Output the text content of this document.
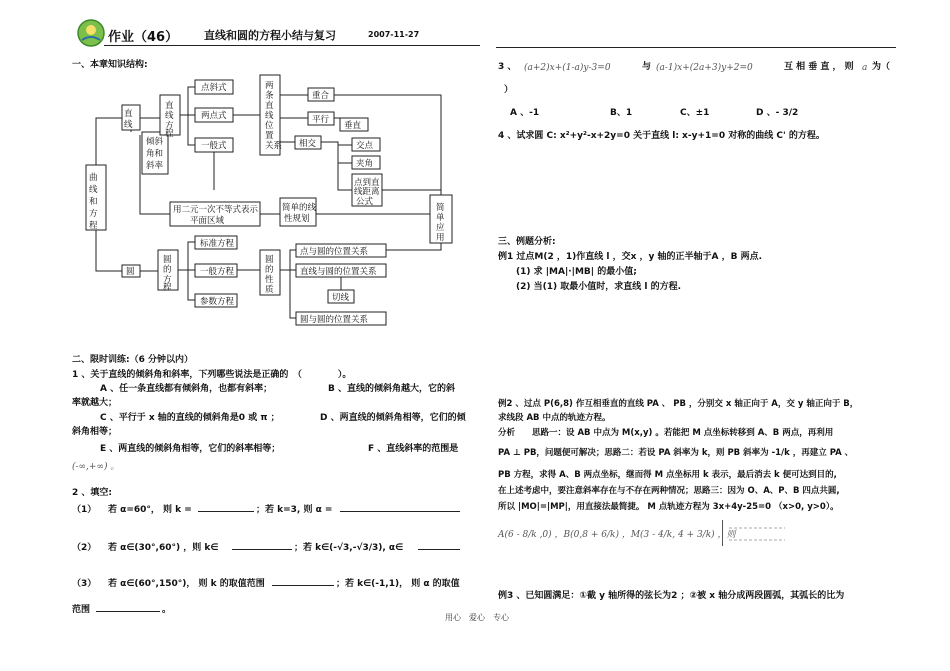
作业（46） 直线和圆的方程小结与复习	2007-11-27
一、本章知识结构:
曲
线
和
方
程
直
线
倾斜
角和
斜率
直
线
方
程
点斜式
两点式
一般式
两
条
直
线
位
置
关系
重合
平行
垂直
相交	交点
夹角
点到直
线距离
公式
用二元一次不等式表示
平面区域
简单的线
性规划
简
单
应
用
圆
圆
的
方
程
标准方程
一般方程
参数方程
圆
的
性
质
点与圆的位置关系
直线与圆的位置关系
切线
圆与圆的位置关系
二、限时训练:（6 分钟以内）
1 、关于直线的倾斜角和斜率，下列哪些说法是正确的　（　　　　）。
A 、任一条直线都有倾斜角，也都有斜率；	B 、直线的倾斜角越大，它的斜
率就越大；
C 、平行于 x 轴的直线的倾斜角是0 或 π ；	D 、两直线的倾斜角相等，它们的倾
斜角相等；
E 、两直线的倾斜角相等，它们的斜率相等；	F 、直线斜率的范围是
(-∞,+∞) 。
2 、填空:
（1） 若 α=60°， 则 k =	；若 k=3, 则 α =
（2） 若 α∈(30°,60°) ，则 k∈	；若 k∈(-√3,-√3/3), α∈
（3） 若 α∈(60°,150°)， 则 k 的取值范围	；若 k∈(-1,1)， 则 α 的取值
范围	。
3 、 (a+2)x+(1-a)y-3=0	与 (a-1)x+(2a+3)y+2=0	互 相 垂 直 ， 则 a 为（
）
A 、-1	B、1	C、±1	D 、- 3/2
4 、试求圆 C: x²+y²-x+2y=0 关于直线 l: x-y+1=0 对称的曲线 C' 的方程。
三、例题分析:
例1 过点M(2 ，1)作直线 l ，交x ，y 轴的正半轴于A ，B 两点.
(1) 求 |MA|·|MB| 的最小值;
(2) 当(1) 取最小值时，求直线 l 的方程.
例2 、过点 P(6,8) 作互相垂直的直线 PA 、 PB ，分别交 x 轴正向于 A，交 y 轴正向于 B，
求线段 AB 中点的轨迹方程。
分析　　思路一：设 AB 中点为 M(x,y) 。若能把 M 点坐标转移到 A、B 两点，再利用
PA ⊥ PB，问题便可解决；思路二：若设 PA 斜率为 k，则 PB 斜率为 -1/k ，再建立 PA 、
PB 方程，求得 A、B 两点坐标，继而得 M 点坐标用 k 表示，最后消去 k 便可达到目的,
在上述考虑中，要注意斜率存在与不存在两种情况；思路三：因为 O、A、P、B 四点共圆,
所以 |MO|=|MP|，用直接法最简捷。 M 点轨迹方程为 3x+4y-25=0 （x>0, y>0）。
A(6 - 8/k ,0) ，B(0,8 + 6/k) ，M(3 - 4/k, 4 + 3/k) ，则
例3 、已知圆满足：①截 y 轴所得的弦长为2 ；②被 x 轴分成两段圆弧，其弧长的比为
用心　爱心　专心
